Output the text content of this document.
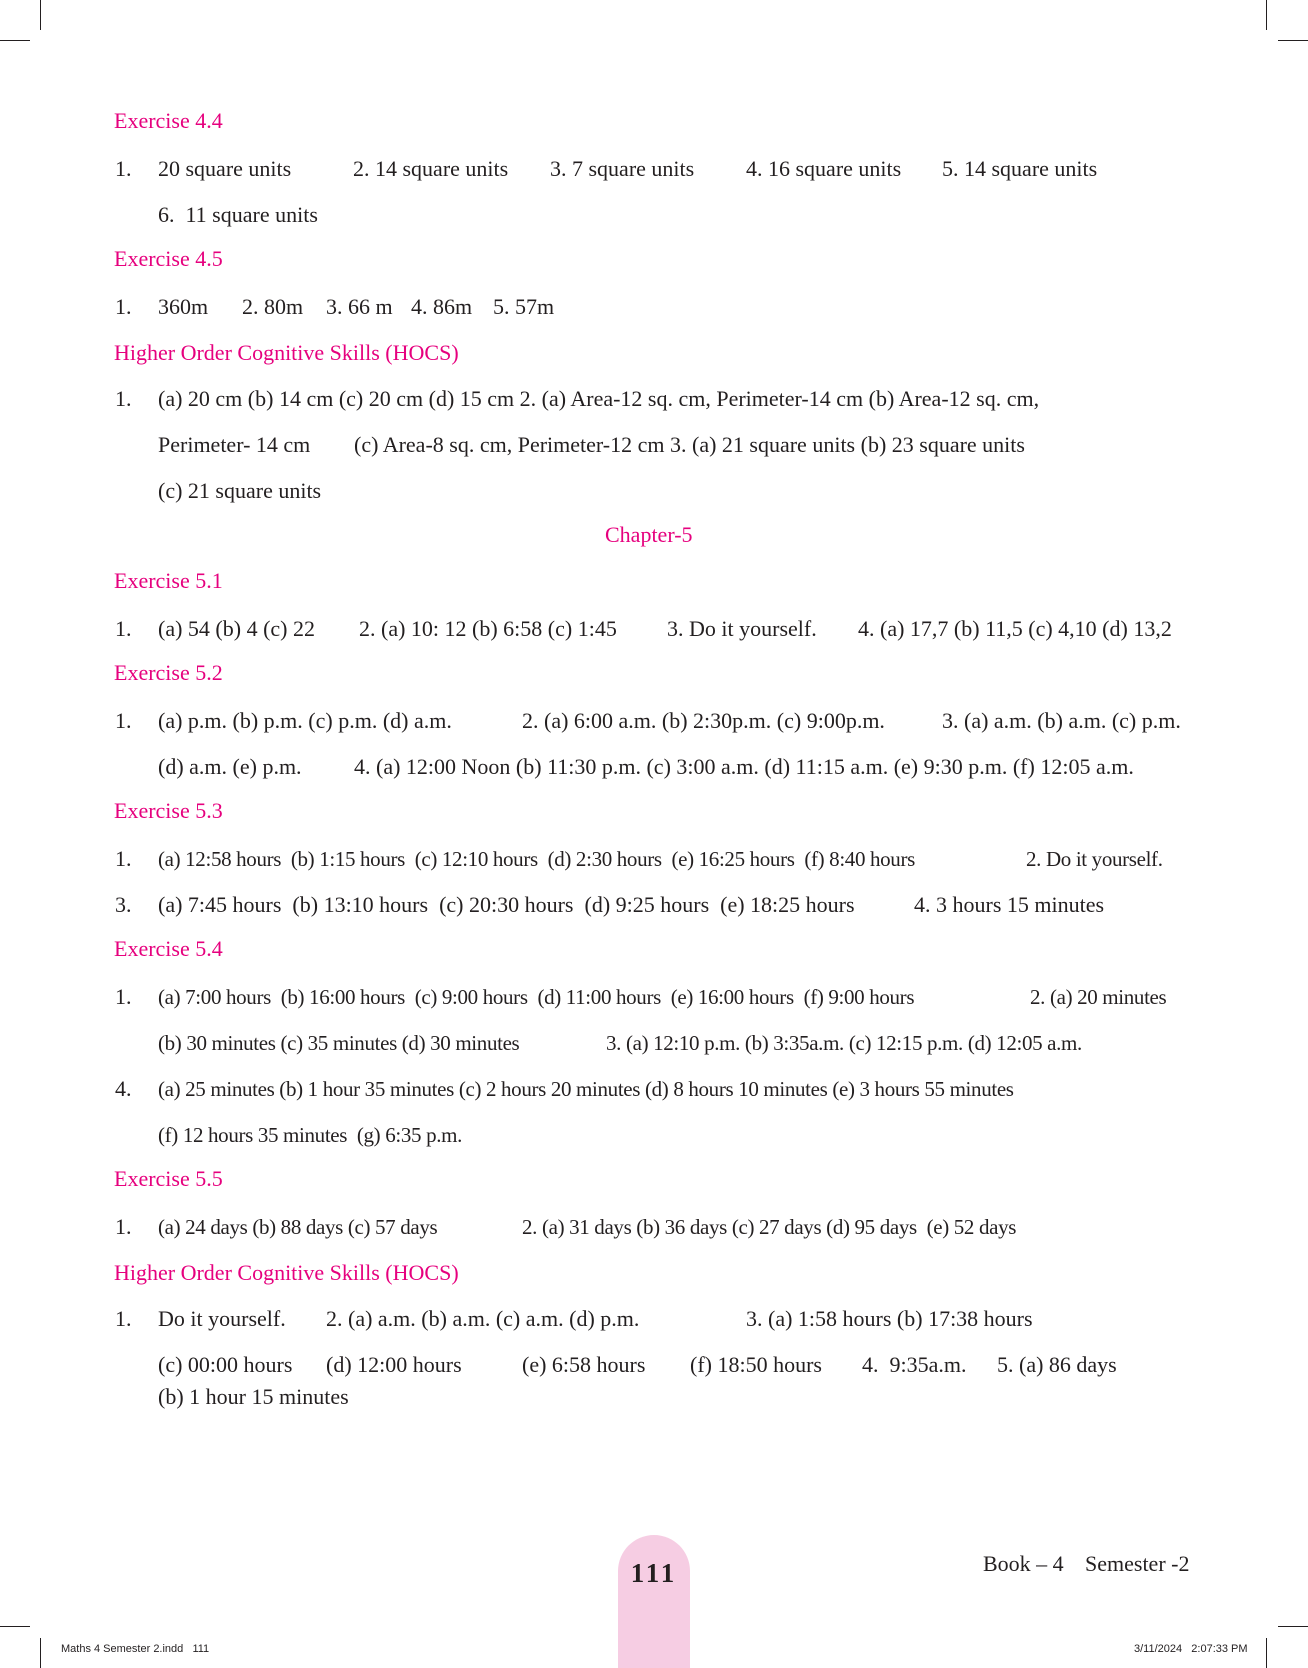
Exercise 4.4
1. 20 square units	2. 14 square units 3. 7 square units 4. 16 square units 5. 14 square units
6.  11 square units
Exercise 4.5
1. 360m 2. 80m 3. 66 m 4. 86m 5. 57m
Higher Order Cognitive Skills (HOCS)
1. (a) 20 cm (b) 14 cm (c) 20 cm (d) 15 cm 2. (a) Area-12 sq. cm, Perimeter-14 cm (b) Area-12 sq. cm,
Perimeter- 14 cm (c) Area-8 sq. cm, Perimeter-12 cm 3. (a) 21 square units (b) 23 square units
(c) 21 square units
Chapter-5
Exercise 5.1
1. (a) 54 (b) 4 (c) 22 2. (a) 10: 12 (b) 6:58 (c) 1:45 3. Do it yourself. 4. (a) 17,7 (b) 11,5 (c) 4,10 (d) 13,2
Exercise 5.2
1. (a) p.m. (b) p.m. (c) p.m. (d) a.m.	2. (a) 6:00 a.m. (b) 2:30p.m. (c) 9:00p.m.	3. (a) a.m. (b) a.m. (c) p.m.
(d) a.m. (e) p.m. 4. (a) 12:00 Noon (b) 11:30 p.m. (c) 3:00 a.m. (d) 11:15 a.m. (e) 9:30 p.m. (f) 12:05 a.m.
Exercise 5.3
1. (a) 12:58 hours  (b) 1:15 hours  (c) 12:10 hours  (d) 2:30 hours  (e) 16:25 hours  (f) 8:40 hours	2. Do it yourself.
3. (a) 7:45 hours  (b) 13:10 hours  (c) 20:30 hours  (d) 9:25 hours  (e) 18:25 hours	4. 3 hours 15 minutes
Exercise 5.4
1. (a) 7:00 hours  (b) 16:00 hours  (c) 9:00 hours  (d) 11:00 hours  (e) 16:00 hours  (f) 9:00 hours	2. (a) 20 minutes
(b) 30 minutes (c) 35 minutes (d) 30 minutes	3. (a) 12:10 p.m. (b) 3:35a.m. (c) 12:15 p.m. (d) 12:05 a.m.
4. (a) 25 minutes (b) 1 hour 35 minutes (c) 2 hours 20 minutes (d) 8 hours 10 minutes (e) 3 hours 55 minutes
(f) 12 hours 35 minutes  (g) 6:35 p.m.
Exercise 5.5
1. (a) 24 days (b) 88 days (c) 57 days	2. (a) 31 days (b) 36 days (c) 27 days (d) 95 days  (e) 52 days
Higher Order Cognitive Skills (HOCS)
1. Do it yourself. 2. (a) a.m. (b) a.m. (c) a.m. (d) p.m.	3. (a) 1:58 hours (b) 17:38 hours
(c) 00:00 hours (d) 12:00 hours	(e) 6:58 hours (f) 18:50 hours 4.  9:35a.m. 5. (a) 86 days
(b) 1 hour 15 minutes
111	Book – 4 Semester -2
Maths 4 Semester 2.indd   111	3/11/2024   2:07:33 PM
